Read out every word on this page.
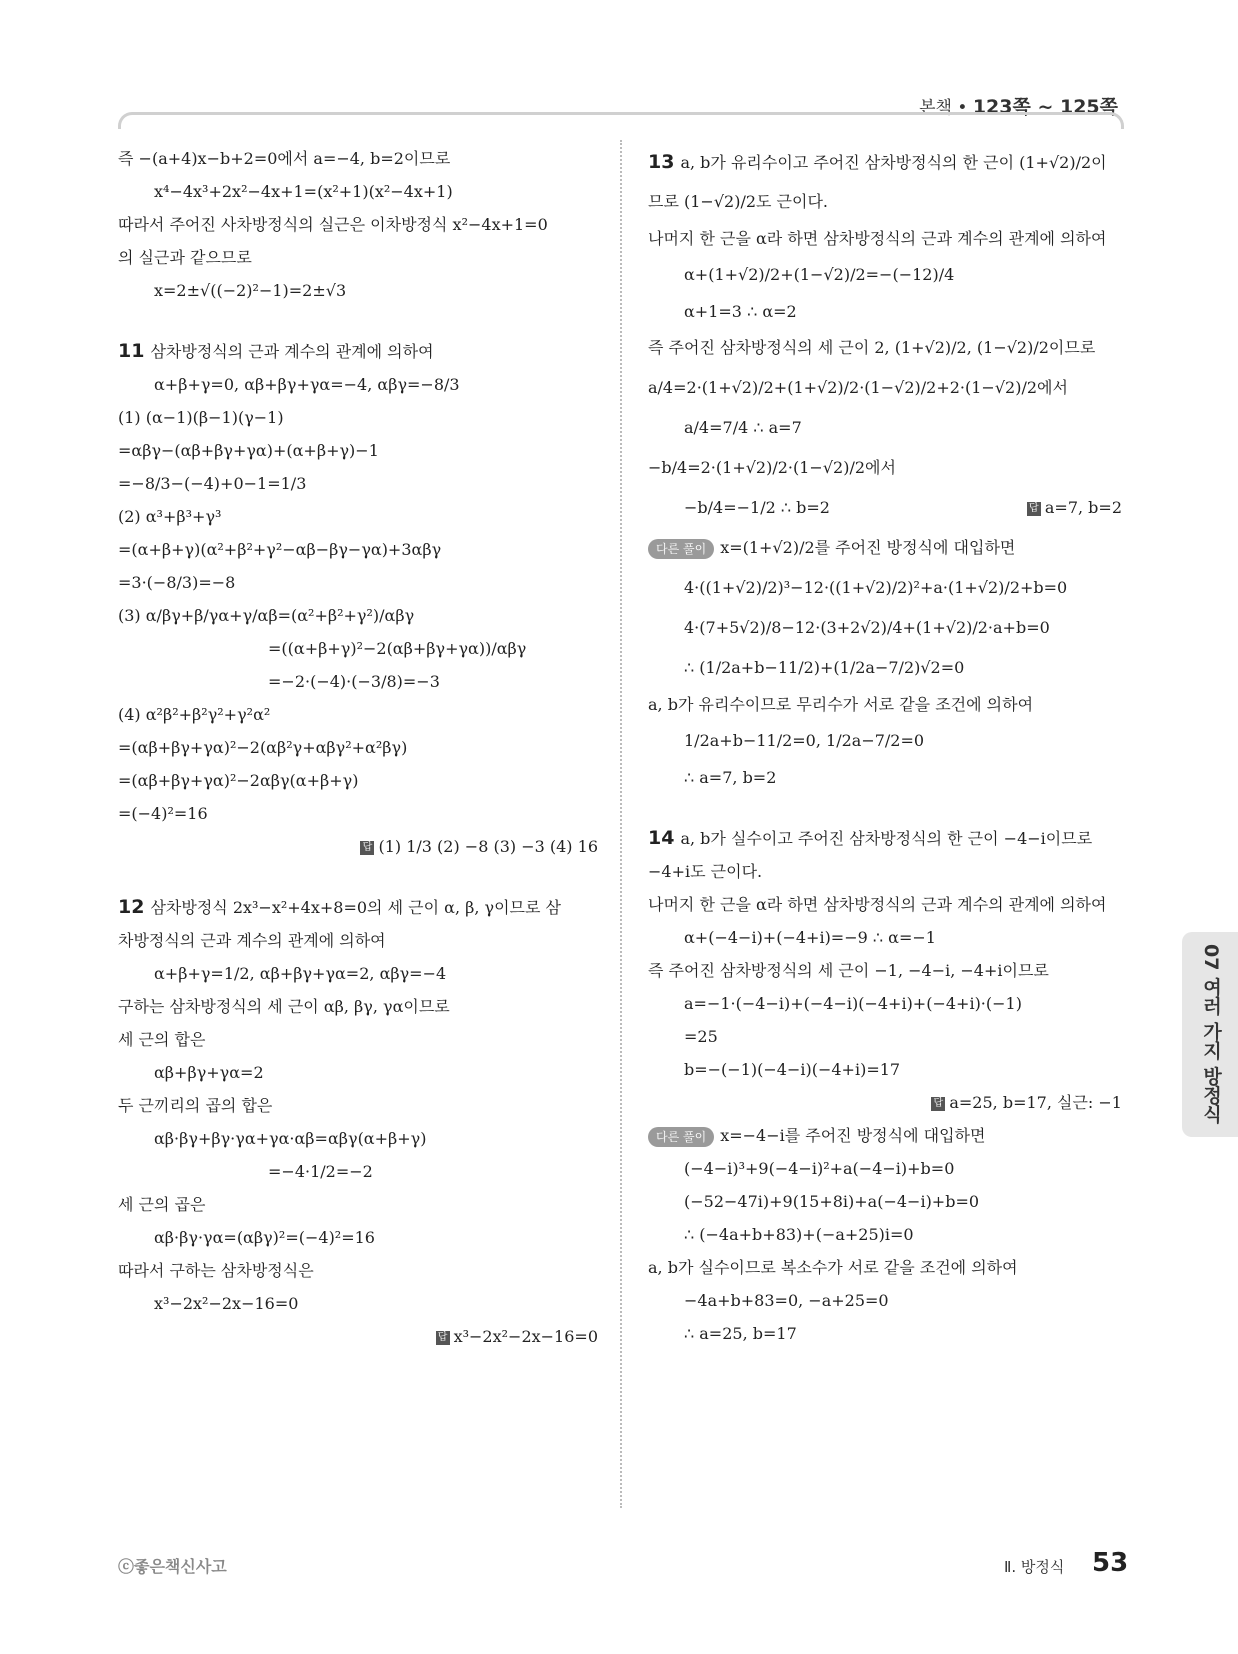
본책 • 123쪽 ~ 125쪽
즉 −(a+4)x−b+2=0에서 a=−4, b=2이므로
x⁴−4x³+2x²−4x+1=(x²+1)(x²−4x+1)
따라서 주어진 사차방정식의 실근은 이차방정식 x²−4x+1=0
의 실근과 같으므로
x=2±√((−2)²−1)=2±√3
11 삼차방정식의 근과 계수의 관계에 의하여
α+β+γ=0, αβ+βγ+γα=−4, αβγ=−8/3
(1) (α−1)(β−1)(γ−1)
=αβγ−(αβ+βγ+γα)+(α+β+γ)−1
=−8/3−(−4)+0−1=1/3
(2) α³+β³+γ³
=(α+β+γ)(α²+β²+γ²−αβ−βγ−γα)+3αβγ
=3·(−8/3)=−8
(3) α/βγ+β/γα+γ/αβ=(α²+β²+γ²)/αβγ
=((α+β+γ)²−2(αβ+βγ+γα))/αβγ
=−2·(−4)·(−3/8)=−3
(4) α²β²+β²γ²+γ²α²
=(αβ+βγ+γα)²−2(αβ²γ+αβγ²+α²βγ)
=(αβ+βγ+γα)²−2αβγ(α+β+γ)
=(−4)²=16
답 (1) 1/3 (2) −8 (3) −3 (4) 16
12 삼차방정식 2x³−x²+4x+8=0의 세 근이 α, β, γ이므로 삼
차방정식의 근과 계수의 관계에 의하여
α+β+γ=1/2, αβ+βγ+γα=2, αβγ=−4
구하는 삼차방정식의 세 근이 αβ, βγ, γα이므로
세 근의 합은
αβ+βγ+γα=2
두 근끼리의 곱의 합은
αβ·βγ+βγ·γα+γα·αβ=αβγ(α+β+γ)
=−4·1/2=−2
세 근의 곱은
αβ·βγ·γα=(αβγ)²=(−4)²=16
따라서 구하는 삼차방정식은
x³−2x²−2x−16=0
답 x³−2x²−2x−16=0
13 a, b가 유리수이고 주어진 삼차방정식의 한 근이 (1+√2)/2이
므로 (1−√2)/2도 근이다.
나머지 한 근을 α라 하면 삼차방정식의 근과 계수의 관계에 의하여
α+(1+√2)/2+(1−√2)/2=−(−12)/4
α+1=3 ∴ α=2
즉 주어진 삼차방정식의 세 근이 2, (1+√2)/2, (1−√2)/2이므로
a/4=2·(1+√2)/2+(1+√2)/2·(1−√2)/2+2·(1−√2)/2에서
a/4=7/4 ∴ a=7
−b/4=2·(1+√2)/2·(1−√2)/2에서
−b/4=−1/2 ∴ b=2	답 a=7, b=2
다른 풀이 x=(1+√2)/2를 주어진 방정식에 대입하면
4·((1+√2)/2)³−12·((1+√2)/2)²+a·(1+√2)/2+b=0
4·(7+5√2)/8−12·(3+2√2)/4+(1+√2)/2·a+b=0
∴ (1/2a+b−11/2)+(1/2a−7/2)√2=0
a, b가 유리수이므로 무리수가 서로 같을 조건에 의하여
1/2a+b−11/2=0, 1/2a−7/2=0
∴ a=7, b=2
14 a, b가 실수이고 주어진 삼차방정식의 한 근이 −4−i이므로
−4+i도 근이다.
나머지 한 근을 α라 하면 삼차방정식의 근과 계수의 관계에 의하여
α+(−4−i)+(−4+i)=−9 ∴ α=−1
즉 주어진 삼차방정식의 세 근이 −1, −4−i, −4+i이므로
a=−1·(−4−i)+(−4−i)(−4+i)+(−4+i)·(−1)
=25
b=−(−1)(−4−i)(−4+i)=17
답 a=25, b=17, 실근: −1
다른 풀이 x=−4−i를 주어진 방정식에 대입하면
(−4−i)³+9(−4−i)²+a(−4−i)+b=0
(−52−47i)+9(15+8i)+a(−4−i)+b=0
∴ (−4a+b+83)+(−a+25)i=0
a, b가 실수이므로 복소수가 서로 같을 조건에 의하여
−4a+b+83=0, −a+25=0
∴ a=25, b=17
07 여러 가지 방정식
ⓒ좋은책신사고	Ⅱ. 방정식 53
